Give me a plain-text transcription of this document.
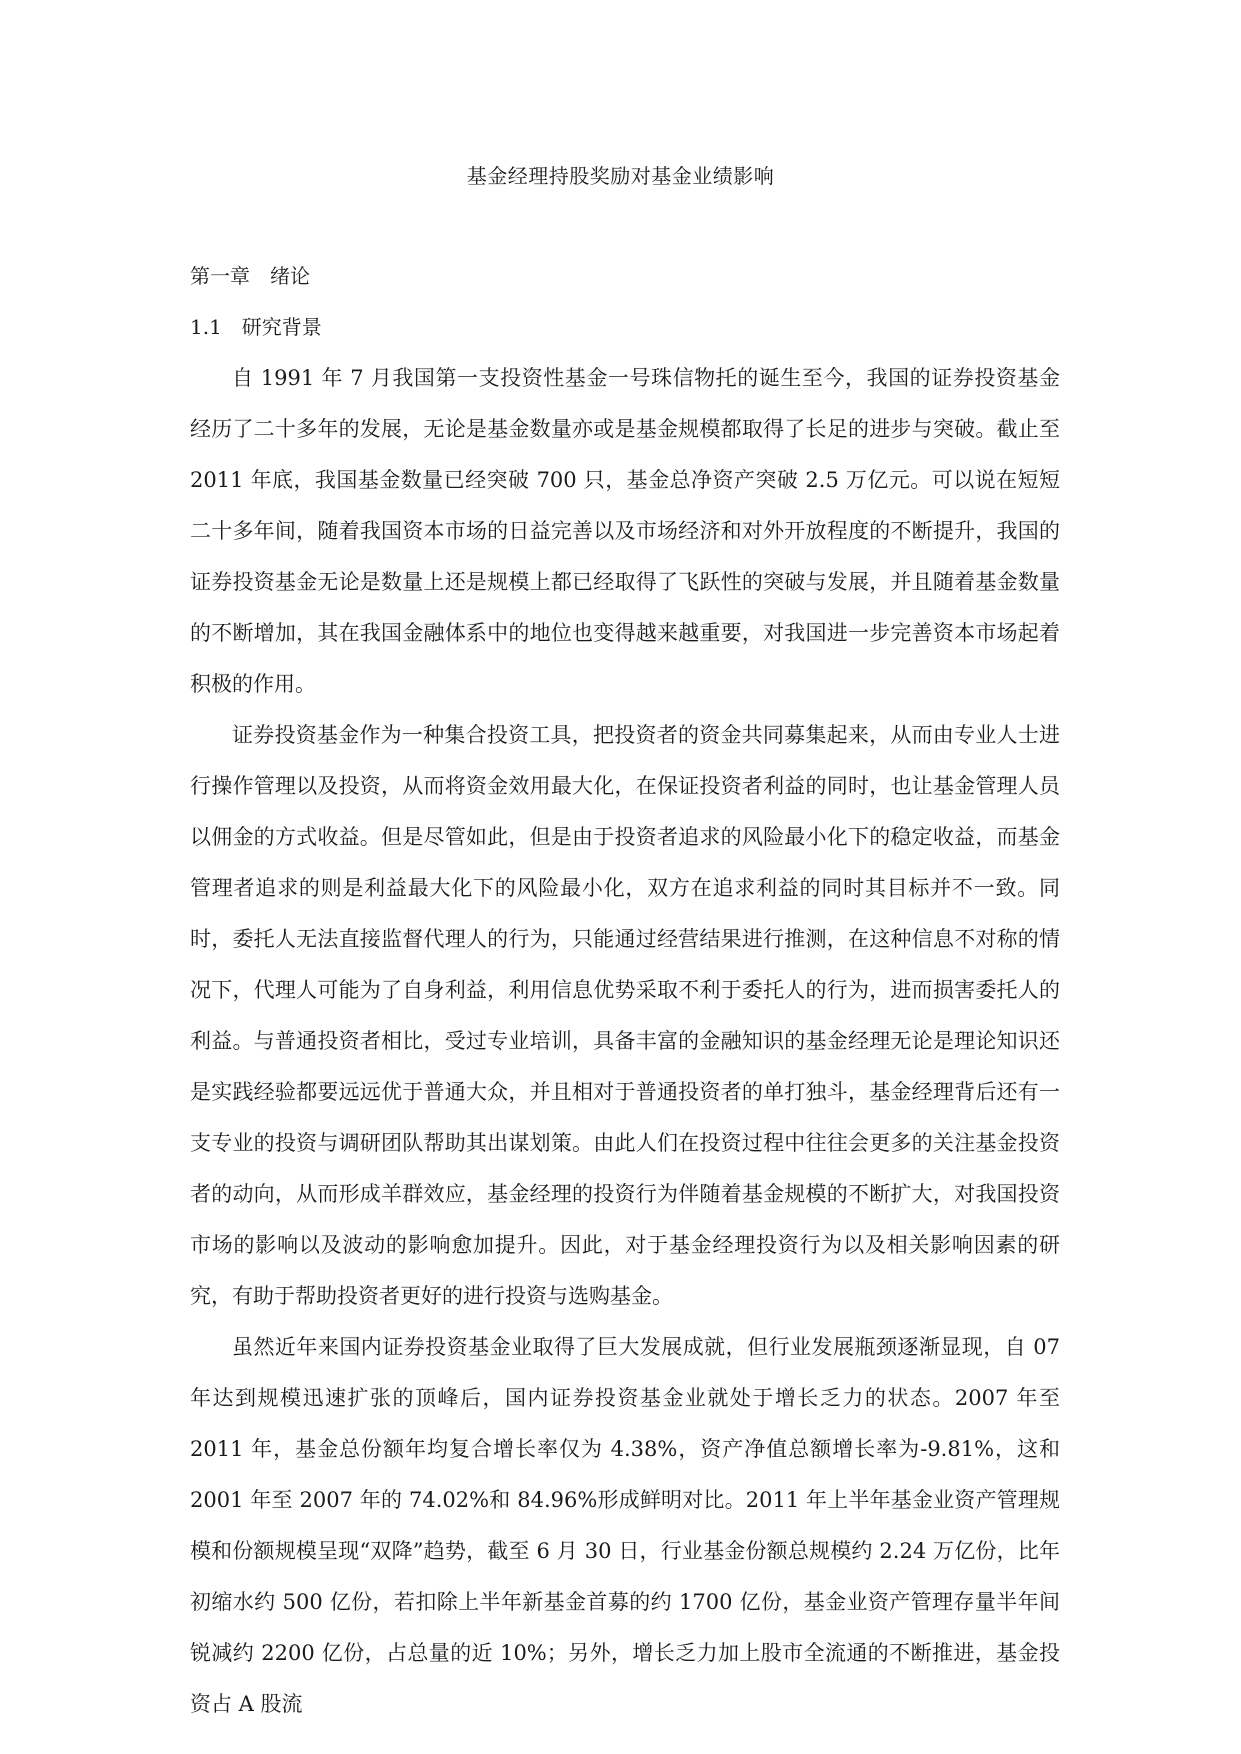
基金经理持股奖励对基金业绩影响
第一章　绪论
1.1　研究背景

自 1991 年 7 月我国第一支投资性基金一号珠信物托的诞生至今，我国的证券投资基金经历了二十多年的发展，无论是基金数量亦或是基金规模都取得了长足的进步与突破。截止至 2011 年底，我国基金数量已经突破 700 只，基金总净资产突破 2.5 万亿元。可以说在短短二十多年间，随着我国资本市场的日益完善以及市场经济和对外开放程度的不断提升，我国的证券投资基金无论是数量上还是规模上都已经取得了飞跃性的突破与发展，并且随着基金数量的不断增加，其在我国金融体系中的地位也变得越来越重要，对我国进一步完善资本市场起着积极的作用。

证券投资基金作为一种集合投资工具，把投资者的资金共同募集起来，从而由专业人士进行操作管理以及投资，从而将资金效用最大化，在保证投资者利益的同时，也让基金管理人员以佣金的方式收益。但是尽管如此，但是由于投资者追求的风险最小化下的稳定收益，而基金管理者追求的则是利益最大化下的风险最小化，双方在追求利益的同时其目标并不一致。同时，委托人无法直接监督代理人的行为，只能通过经营结果进行推测，在这种信息不对称的情况下，代理人可能为了自身利益，利用信息优势采取不利于委托人的行为，进而损害委托人的利益。与普通投资者相比，受过专业培训，具备丰富的金融知识的基金经理无论是理论知识还是实践经验都要远远优于普通大众，并且相对于普通投资者的单打独斗，基金经理背后还有一支专业的投资与调研团队帮助其出谋划策。由此人们在投资过程中往往会更多的关注基金投资者的动向，从而形成羊群效应，基金经理的投资行为伴随着基金规模的不断扩大，对我国投资市场的影响以及波动的影响愈加提升。因此，对于基金经理投资行为以及相关影响因素的研究，有助于帮助投资者更好的进行投资与选购基金。

虽然近年来国内证券投资基金业取得了巨大发展成就，但行业发展瓶颈逐渐显现，自 07 年达到规模迅速扩张的顶峰后，国内证券投资基金业就处于增长乏力的状态。2007 年至 2011 年，基金总份额年均复合增长率仅为 4.38%，资产净值总额增长率为-9.81%，这和 2001 年至 2007 年的 74.02%和 84.96%形成鲜明对比。2011 年上半年基金业资产管理规模和份额规模呈现“双降”趋势，截至 6 月 30 日，行业基金份额总规模约 2.24 万亿份，比年初缩水约 500 亿份，若扣除上半年新基金首募的约 1700 亿份，基金业资产管理存量半年间锐减约 2200 亿份，占总量的近 10%；另外，增长乏力加上股市全流通的不断推进，基金投资占 A 股流
